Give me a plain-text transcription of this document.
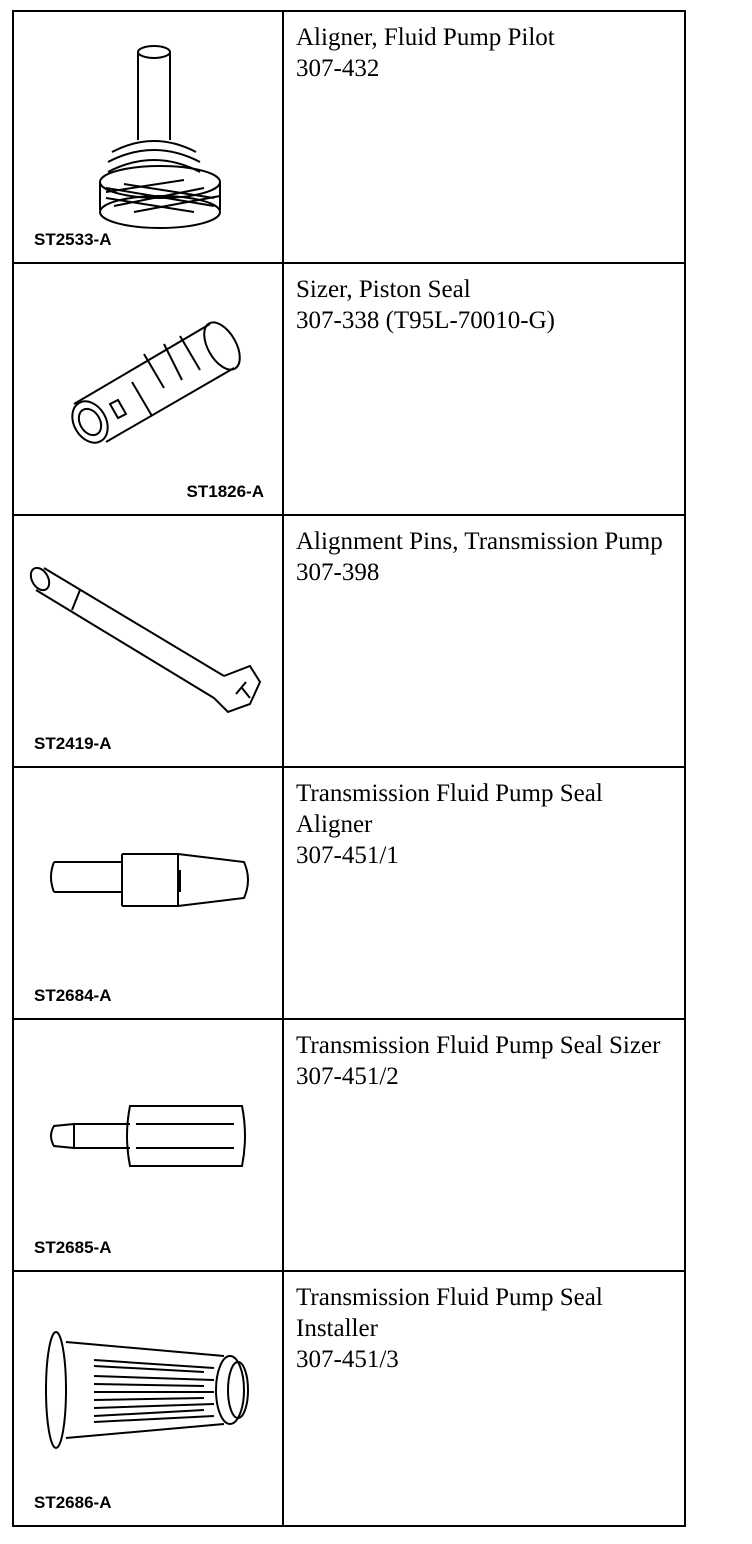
ST2533-A
Aligner, Fluid Pump Pilot
307-432
ST1826-A
Sizer, Piston Seal
307-338 (T95L-70010-G)
ST2419-A
Alignment Pins, Transmission Pump
307-398
ST2684-A
Transmission Fluid Pump Seal Aligner
307-451/1
ST2685-A
Transmission Fluid Pump Seal Sizer
307-451/2
ST2686-A
Transmission Fluid Pump Seal Installer
307-451/3
